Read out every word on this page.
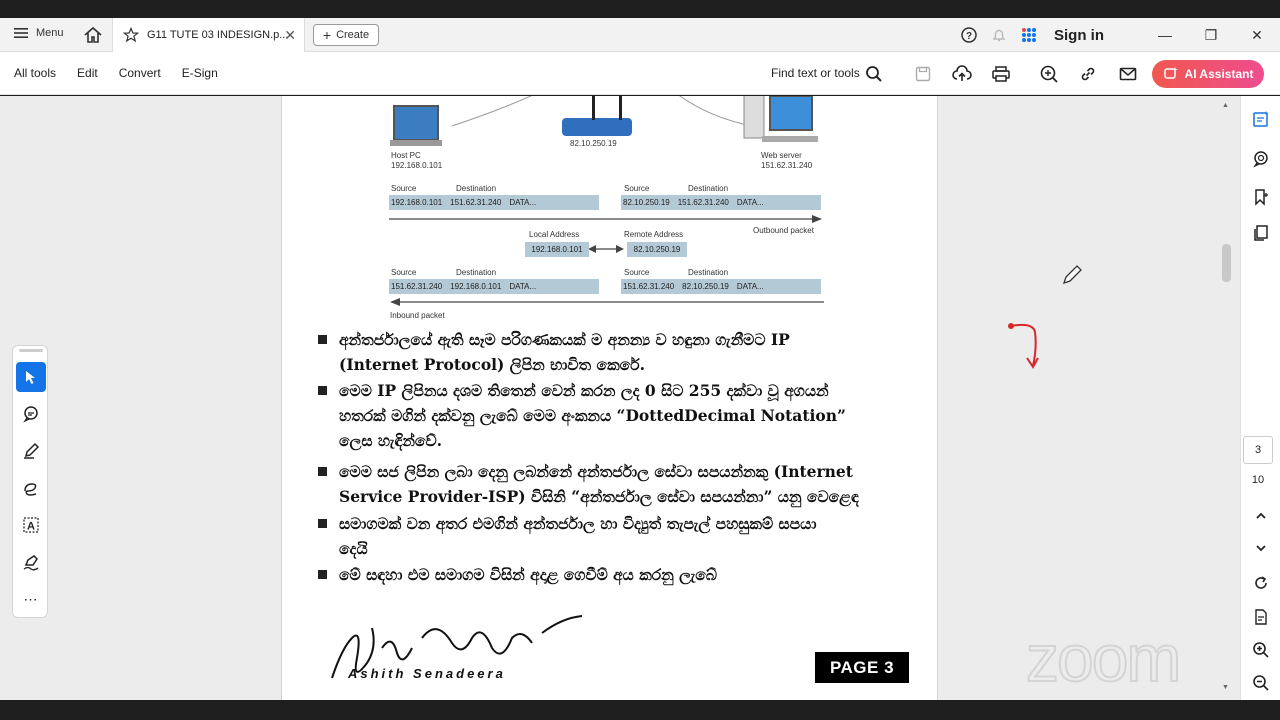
Menu	G11 TUTE 03 INDESIGN.p...
✕ + Create	?	Sign in	—	❐	✕
All tools Edit Convert E-Sign	Find text or tools	AI Assistant
Host PC
192.168.0.101
82.10.250.19
Web server
151.62.31.240
Source	Destination
192.168.0.101 151.62.31.240 DATA...
Source	Destination
82.10.250.19 151.62.31.240 DATA...
Outbound packet
Local Address
192.168.0.101
Remote Address
82.10.250.19
Source	Destination
151.62.31.240 192.168.0.101 DATA...
Source	Destination
151.62.31.240 82.10.250.19 DATA...
Inbound packet
අන්තර්ජාලයේ ඇති සෑම පරිගණකයක් ම අනන්‍ය ව හඳුනා ගැනීමට IP
(Internet Protocol) ලිපින භාවිත කෙරේ.
මෙම IP ලිපිනය දශම තිතෙන් වෙන් කරන ලද 0 සිට 255 දක්වා වූ අගයන්
හතරක් මගින් දක්වනු ලැබේ මෙම අංකනය “DottedDecimal Notation”
ලෙස හැඳින්වේ.
මෙම සජ ලිපින ලබා දෙනු ලබන්නේ අන්තර්ජාල සේවා සපයන්නකු (Internet
Service Provider-ISP) විසිනි “අන්තර්ජාල සේවා සපයන්නා” යනු වෙළෙඳ
සමාගමක් වන අතර එමගින් අන්තර්ජාල හා විද්‍යුත් තැපැල් පහසුකම් සපයා
දෙයි
මේ සඳහා එම සමාගම විසින් අදාළ ගෙවීම් අය කරනු ලැබේ
Ashith Senadeera	PAGE 3
A
⋯
▲
▼
3
10
zoom
